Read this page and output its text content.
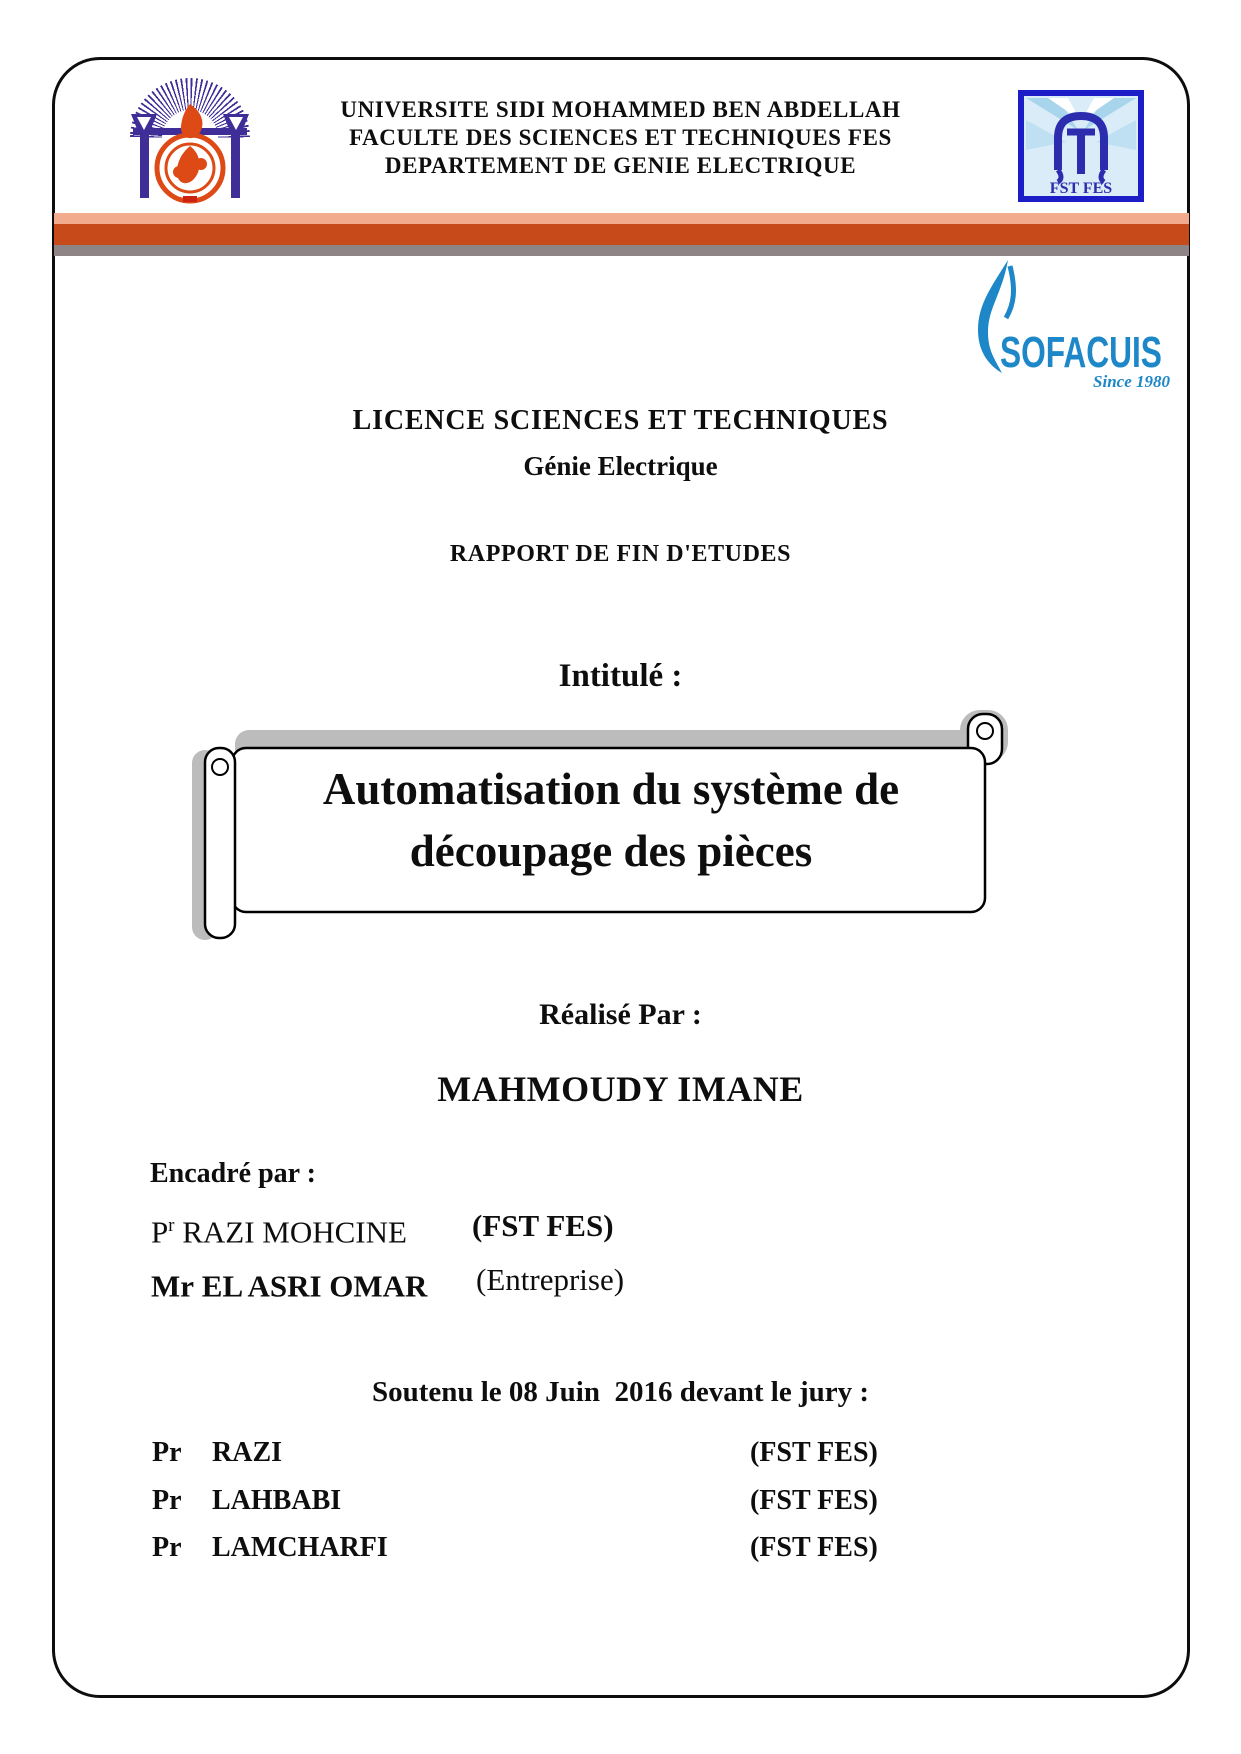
UNIVERSITE SIDI MOHAMMED BEN ABDELLAH
FACULTE DES SCIENCES ET TECHNIQUES FES
DEPARTEMENT DE GENIE ELECTRIQUE
FST FES
SOFACUIS
Since 1980
LICENCE SCIENCES ET TECHNIQUES
Génie Electrique
RAPPORT DE FIN D'ETUDES
Intitulé :
Automatisation du système de
découpage des pièces
Réalisé Par :
MAHMOUDY IMANE
Encadré par :
$P^r$ RAZI MOHCINE (FST FES)
Mr EL ASRI OMAR (Entreprise)
Soutenu le 08 Juin  2016 devant le jury :
Pr RAZI	(FST FES)
Pr LAHBABI	(FST FES)
Pr LAMCHARFI	(FST FES)
